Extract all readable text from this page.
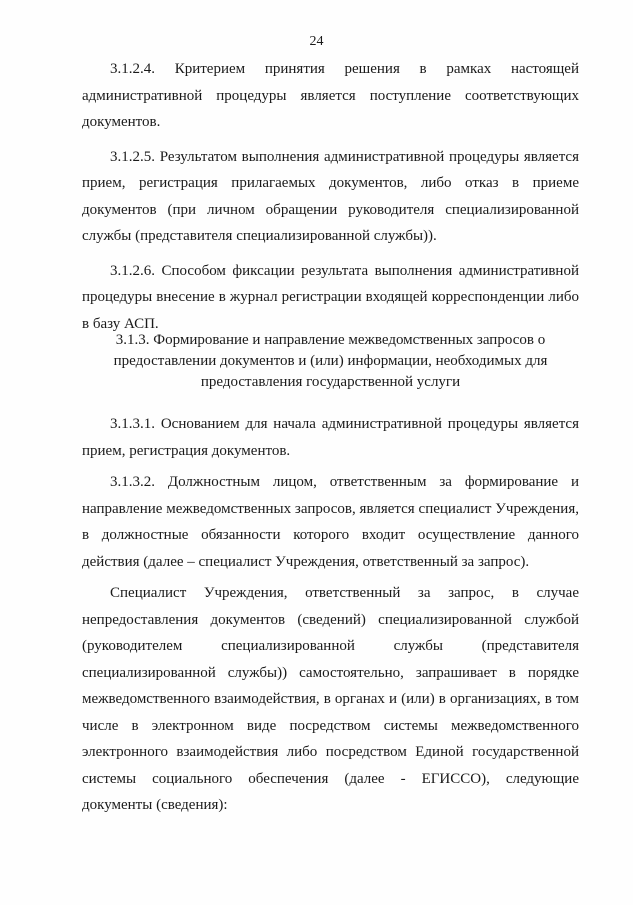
24

3.1.2.4. Критерием принятия решения в рамках настоящей административной процедуры является поступление соответствующих документов.

3.1.2.5. Результатом выполнения административной процедуры является прием, регистрация прилагаемых документов, либо отказ в приеме документов (при личном обращении руководителя специализированной службы (представителя специализированной службы)).

3.1.2.6. Способом фиксации результата выполнения административной процедуры внесение в журнал регистрации входящей корреспонденции либо в базу АСП.

3.1.3. Формирование и направление межведомственных запросов о
предоставлении документов и (или) информации, необходимых для
предоставления государственной услуги

3.1.3.1. Основанием для начала административной процедуры является прием, регистрация документов.

3.1.3.2. Должностным лицом, ответственным за формирование и направление межведомственных запросов, является специалист Учреждения, в должностные обязанности которого входит осуществление данного действия (далее – специалист Учреждения, ответственный за запрос).

Специалист Учреждения, ответственный за запрос, в случае непредоставления документов (сведений) специализированной службой (руководителем специализированной службы (представителя специализированной службы)) самостоятельно, запрашивает в порядке межведомственного взаимодействия, в органах и (или) в организациях, в том числе в электронном виде посредством системы межведомственного электронного взаимодействия либо посредством Единой государственной системы социального обеспечения (далее - ЕГИССО), следующие документы (сведения):
